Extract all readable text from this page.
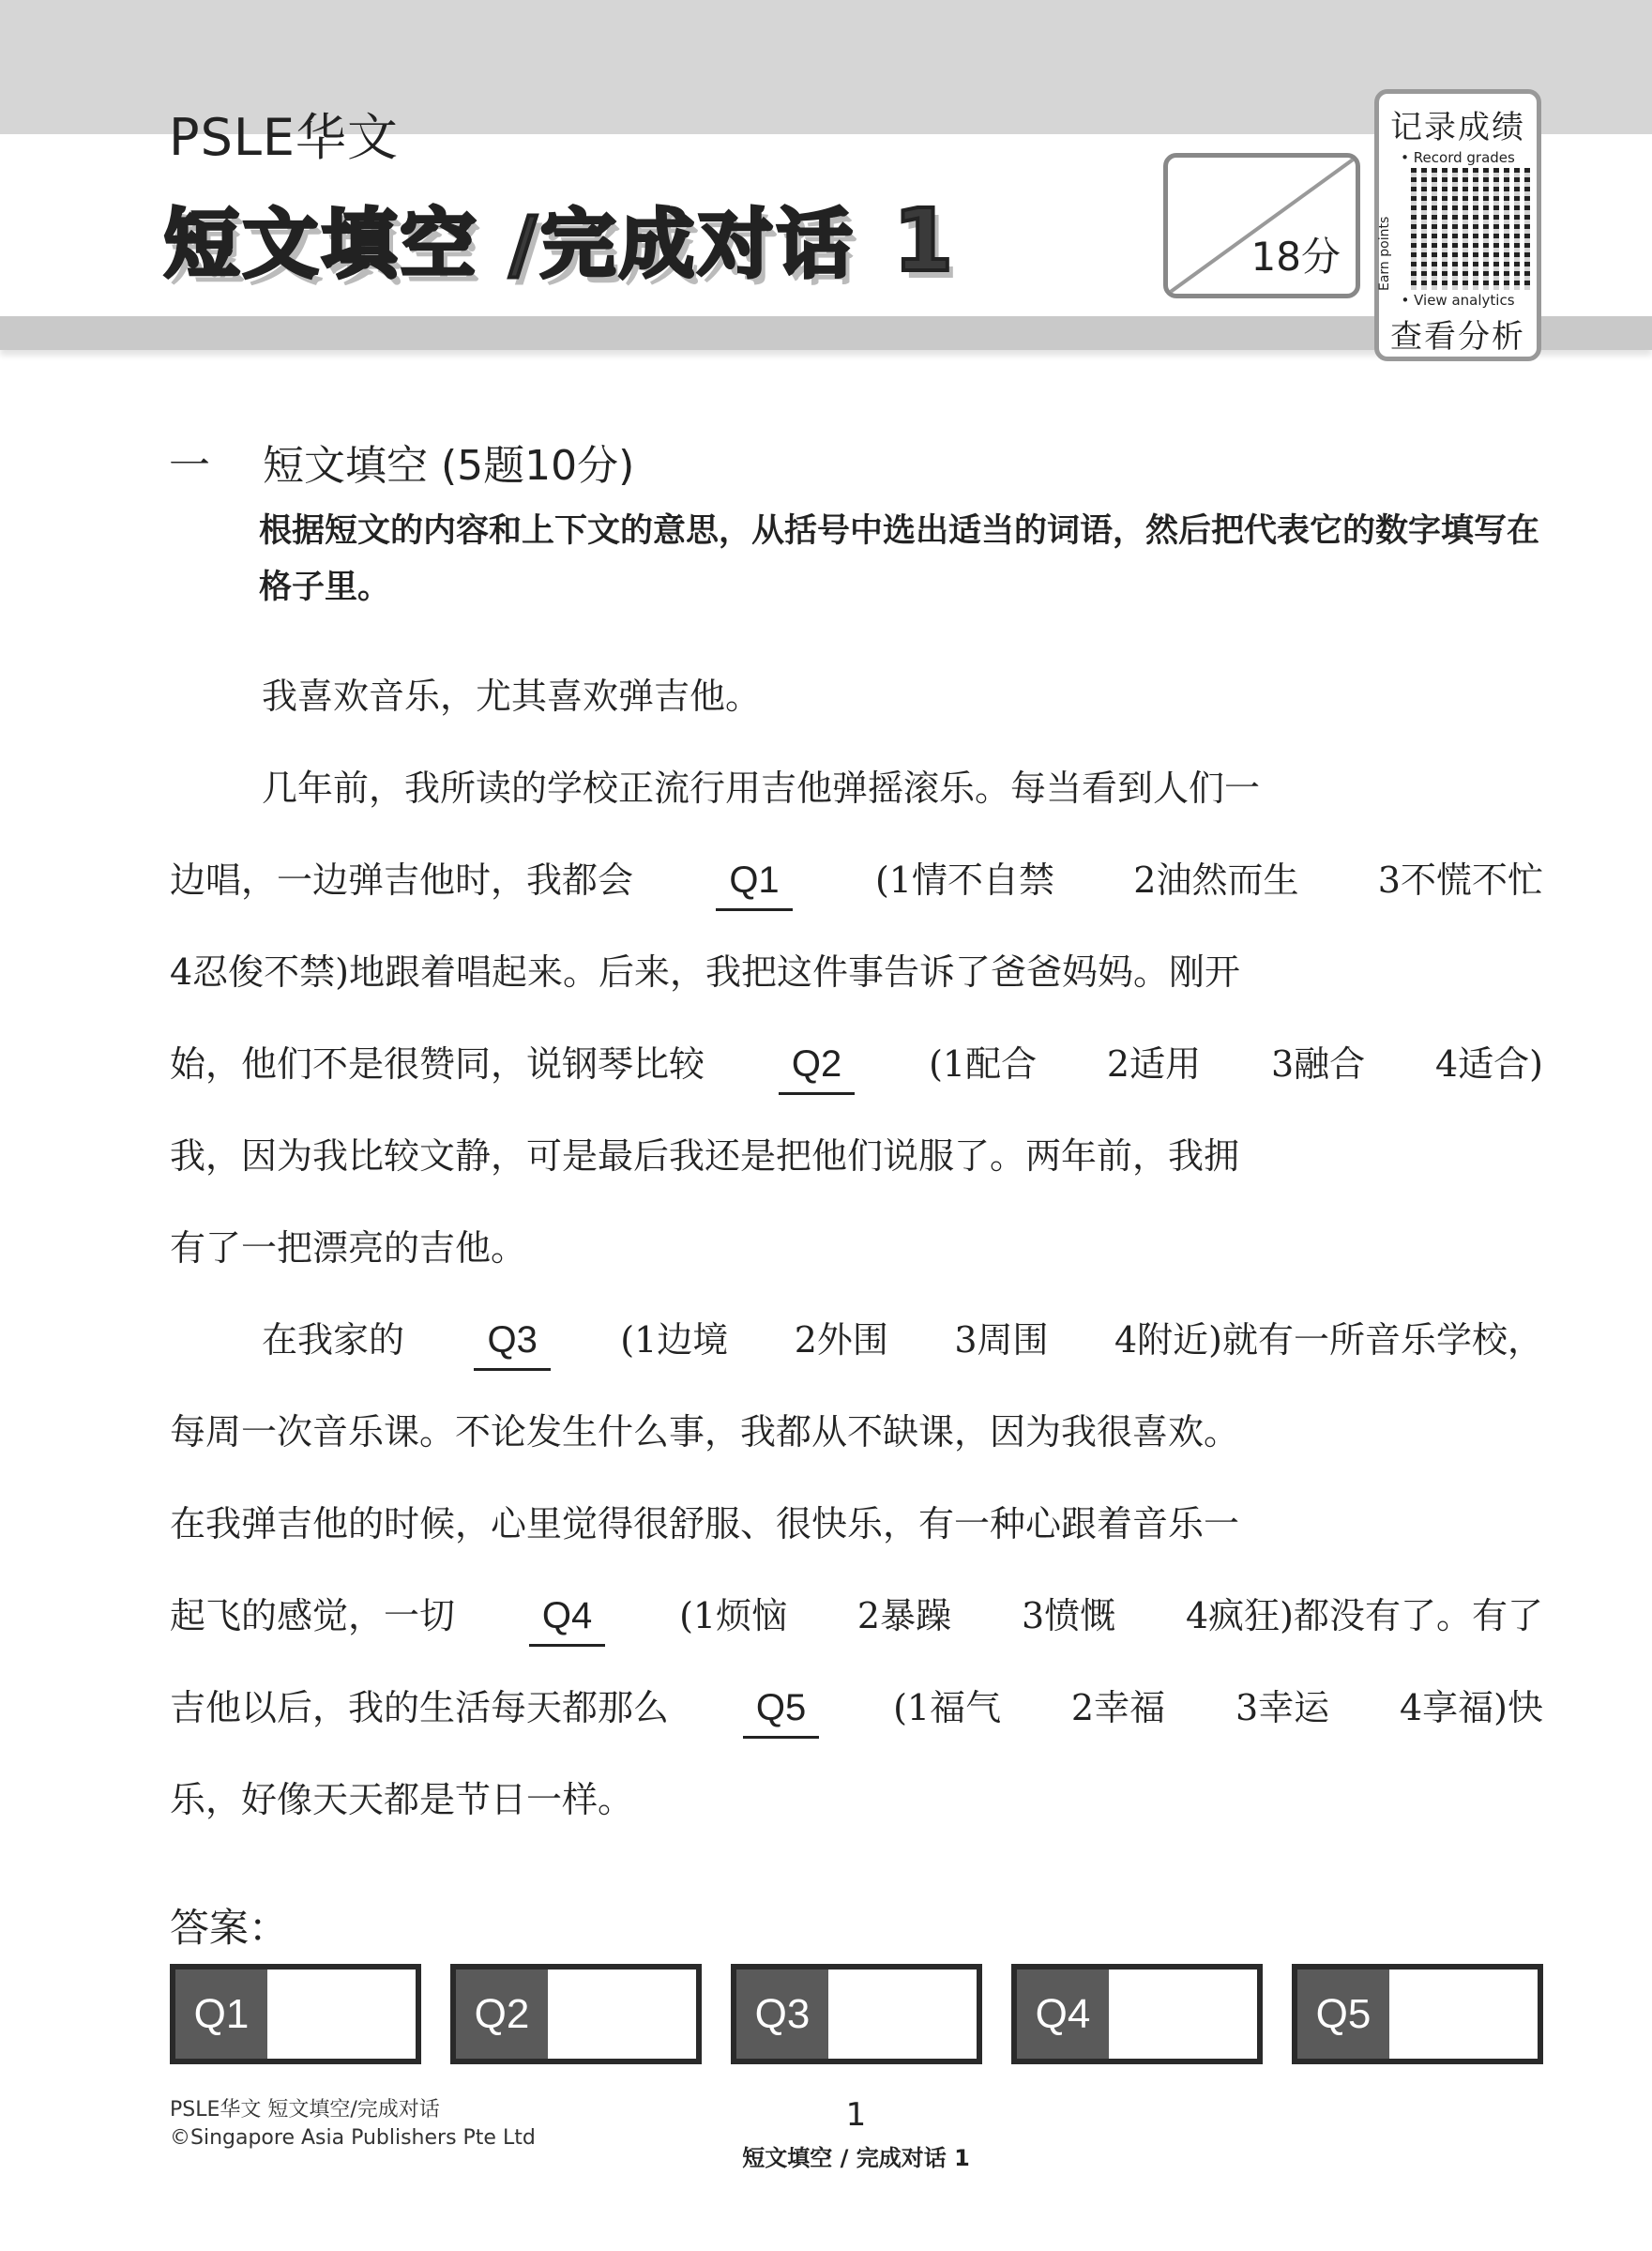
PSLE华文
短文填空 /完成对话 1	18分
记录成绩
• Record grades
Earn points
• View analytics
查看分析
一 短文填空 (5题10分)
根据短文的内容和上下文的意思，从括号中选出适当的词语，然后把代表它的数字填写在格子里。
我喜欢音乐，尤其喜欢弹吉他。
几年前，我所读的学校正流行用吉他弹摇滚乐。每当看到人们一
边唱，一边弹吉他时，我都会	Q1	(1情不自禁 2油然而生 3不慌不忙
4忍俊不禁)地跟着唱起来。后来，我把这件事告诉了爸爸妈妈。刚开
始，他们不是很赞同，说钢琴比较	Q2	(1配合 2适用 3融合 4适合)
我，因为我比较文静，可是最后我还是把他们说服了。两年前，我拥
有了一把漂亮的吉他。
在我家的	Q3	(1边境 2外围 3周围 4附近)就有一所音乐学校，
每周一次音乐课。不论发生什么事，我都从不缺课，因为我很喜欢。
在我弹吉他的时候，心里觉得很舒服、很快乐，有一种心跟着音乐一
起飞的感觉，一切	Q4	(1烦恼 2暴躁 3愤慨 4疯狂)都没有了。有了
吉他以后，我的生活每天都那么	Q5	(1福气 2幸福 3幸运 4享福)快
乐，好像天天都是节日一样。
答案：
Q1	Q2	Q3	Q4	Q5
PSLE华文 短文填空/完成对话
©Singapore Asia Publishers Pte Ltd
1
短文填空 / 完成对话 1
